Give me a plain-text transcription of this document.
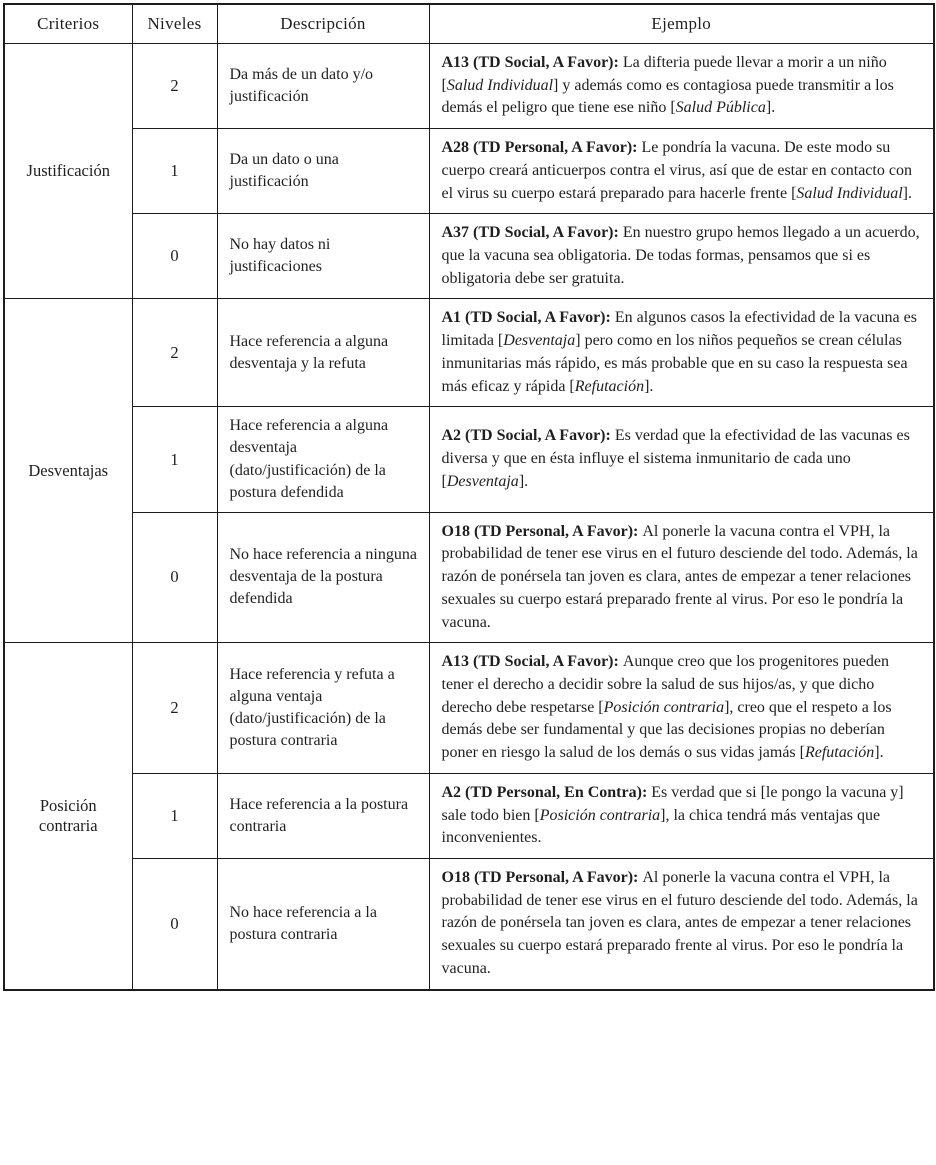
Criterios	Niveles	Descripción	Ejemplo
Justificación	2	Da más de un dato y/o justificación	A13 (TD Social, A Favor): La difteria puede llevar a morir a un niño [Salud Individual] y además como es contagiosa puede transmitir a los demás el peligro que tiene ese niño [Salud Pública].
	1	Da un dato o una justificación	A28 (TD Personal, A Favor): Le pondría la vacuna. De este modo su cuerpo creará anticuerpos contra el virus, así que de estar en contacto con el virus su cuerpo estará preparado para hacerle frente [Salud Individual].
	0	No hay datos ni justificaciones	A37 (TD Social, A Favor): En nuestro grupo hemos llegado a un acuerdo, que la vacuna sea obligatoria. De todas formas, pensamos que si es obligatoria debe ser gratuita.
Desventajas	2	Hace referencia a alguna desventaja y la refuta	A1 (TD Social, A Favor): En algunos casos la efectividad de la vacuna es limitada [Desventaja] pero como en los niños pequeños se crean células inmunitarias más rápido, es más probable que en su caso la respuesta sea más eficaz y rápida [Refutación].
	1	Hace referencia a alguna desventaja (dato/justificación) de la postura defendida	A2 (TD Social, A Favor): Es verdad que la efectividad de las vacunas es diversa y que en ésta influye el sistema inmunitario de cada uno [Desventaja].
	0	No hace referencia a ninguna desventaja de la postura defendida	O18 (TD Personal, A Favor): Al ponerle la vacuna contra el VPH, la probabilidad de tener ese virus en el futuro desciende del todo. Además, la razón de ponérsela tan joven es clara, antes de empezar a tener relaciones sexuales su cuerpo estará preparado frente al virus. Por eso le pondría la vacuna.
Posición contraria	2	Hace referencia y refuta a alguna ventaja (dato/justificación) de la postura contraria	A13 (TD Social, A Favor): Aunque creo que los progenitores pueden tener el derecho a decidir sobre la salud de sus hijos/as, y que dicho derecho debe respetarse [Posición contraria], creo que el respeto a los demás debe ser fundamental y que las decisiones propias no deberían poner en riesgo la salud de los demás o sus vidas jamás [Refutación].
	1	Hace referencia a la postura contraria	A2 (TD Personal, En Contra): Es verdad que si [le pongo la vacuna y] sale todo bien [Posición contraria], la chica tendrá más ventajas que inconvenientes.
	0	No hace referencia a la postura contraria	O18 (TD Personal, A Favor): Al ponerle la vacuna contra el VPH, la probabilidad de tener ese virus en el futuro desciende del todo. Además, la razón de ponérsela tan joven es clara, antes de empezar a tener relaciones sexuales su cuerpo estará preparado frente al virus. Por eso le pondría la vacuna.
